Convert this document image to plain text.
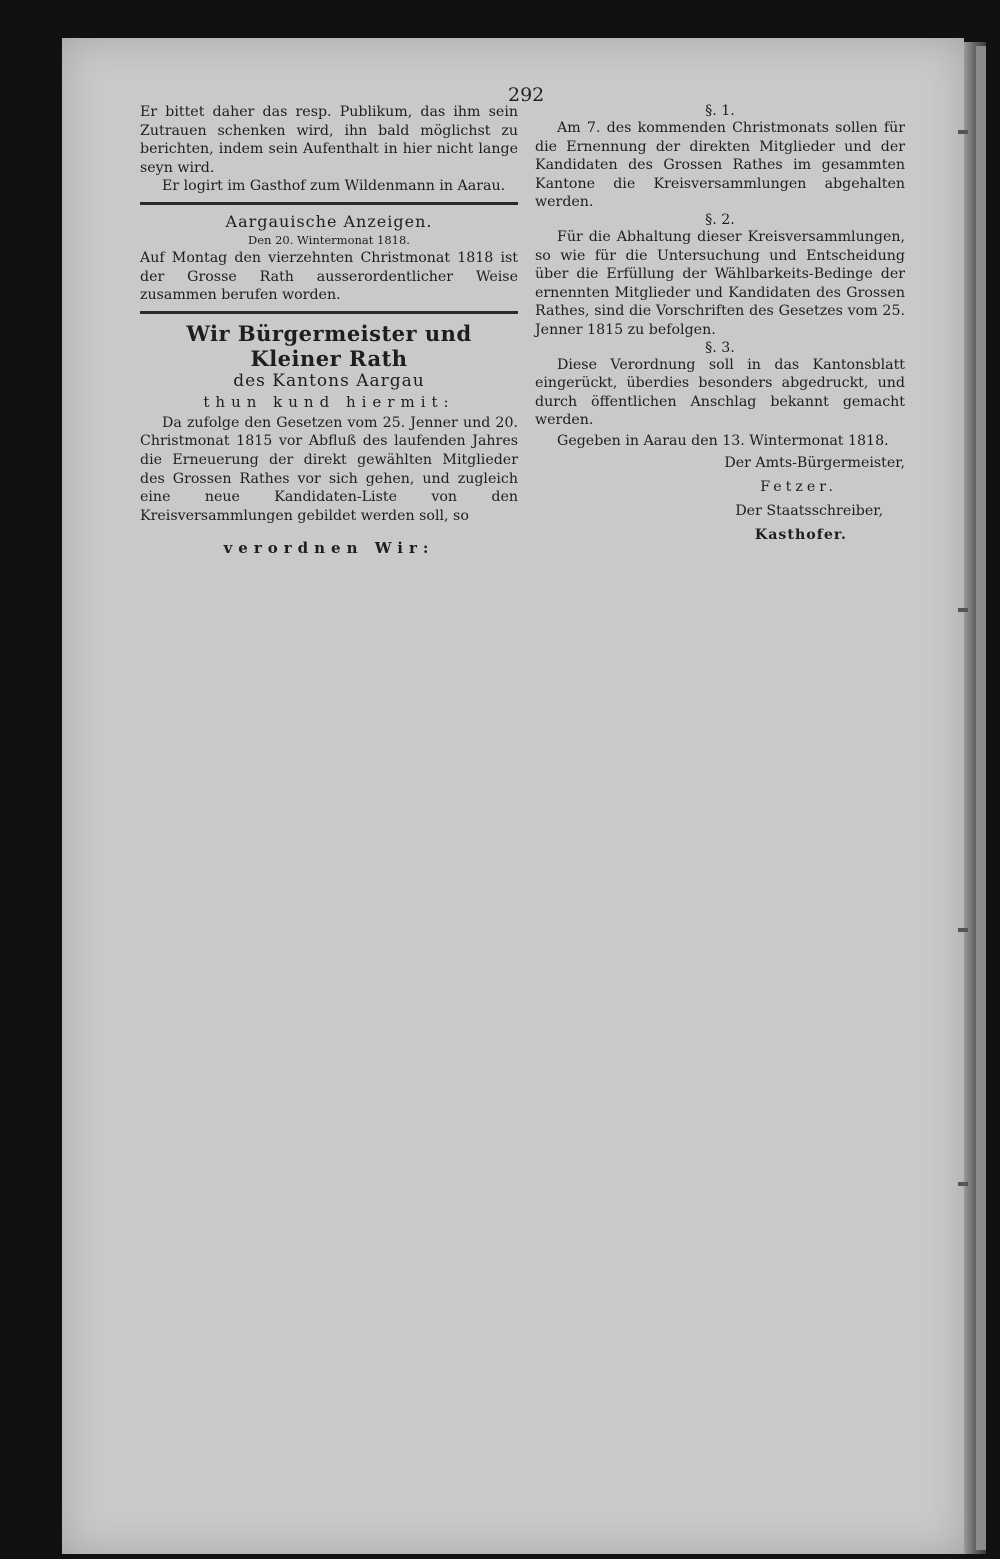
292

Er bittet daher das resp. Publikum, das ihm sein Zutrauen schenken wird, ihn bald möglichst zu berichten, indem sein Aufenthalt in hier nicht lange seyn wird.

Er logirt im Gasthof zum Wildenmann in Aarau.

Aargauische Anzeigen.
Den 20. Wintermonat 1818.

Auf Montag den vierzehnten Christmonat 1818 ist der Grosse Rath ausserordentlicher Weise zusammen berufen worden.

Wir Bürgermeister und Kleiner Rath
des Kantons Aargau
thun kund hiermit:

Da zufolge den Gesetzen vom 25. Jenner und 20. Christmonat 1815 vor Abfluß des laufenden Jahres die Erneuerung der direkt gewählten Mitglieder des Grossen Rathes vor sich gehen, und zugleich eine neue Kandidaten-Liste von den Kreisversammlungen gebildet werden soll, so

verordnen Wir:
§. 1.

Am 7. des kommenden Christmonats sollen für die Ernennung der direkten Mitglieder und der Kandidaten des Grossen Rathes im gesammten Kantone die Kreisversammlungen abgehalten werden.

§. 2.

Für die Abhaltung dieser Kreisversammlungen, so wie für die Untersuchung und Entscheidung über die Erfüllung der Wählbarkeits-Bedinge der ernennten Mitglieder und Kandidaten des Grossen Rathes, sind die Vorschriften des Gesetzes vom 25. Jenner 1815 zu befolgen.

§. 3.

Diese Verordnung soll in das Kantonsblatt eingerückt, überdies besonders abgedruckt, und durch öffentlichen Anschlag bekannt gemacht werden.

Gegeben in Aarau den 13. Wintermonat 1818.

Der Amts-Bürgermeister,
Fetzer.
Der Staatsschreiber,
Kasthofer.
